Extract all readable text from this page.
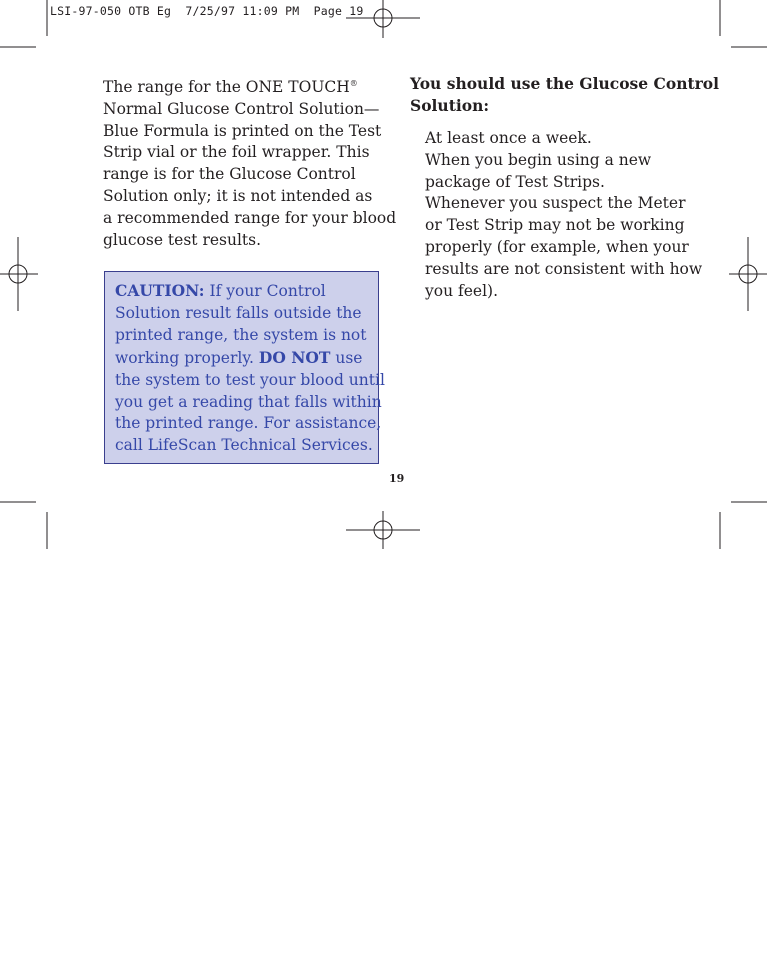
LSI-97-050 OTB Eg  7/25/97 11:09 PM  Page 19
The range for the ONE TOUCH®
Normal Glucose Control Solution—
Blue Formula is printed on the Test
Strip vial or the foil wrapper. This
range is for the Glucose Control
Solution only; it is not intended as
a recommended range for your blood
glucose test results.
CAUTION: If your Control
Solution result falls outside the
printed range, the system is not
working properly. DO NOT use
the system to test your blood until
you get a reading that falls within
the printed range. For assistance,
call LifeScan Technical Services.

You should use the Glucose Control
Solution:

At least once a week.
When you begin using a new
package of Test Strips.
Whenever you suspect the Meter
or Test Strip may not be working
properly (for example, when your
results are not consistent with how
you feel).
19
